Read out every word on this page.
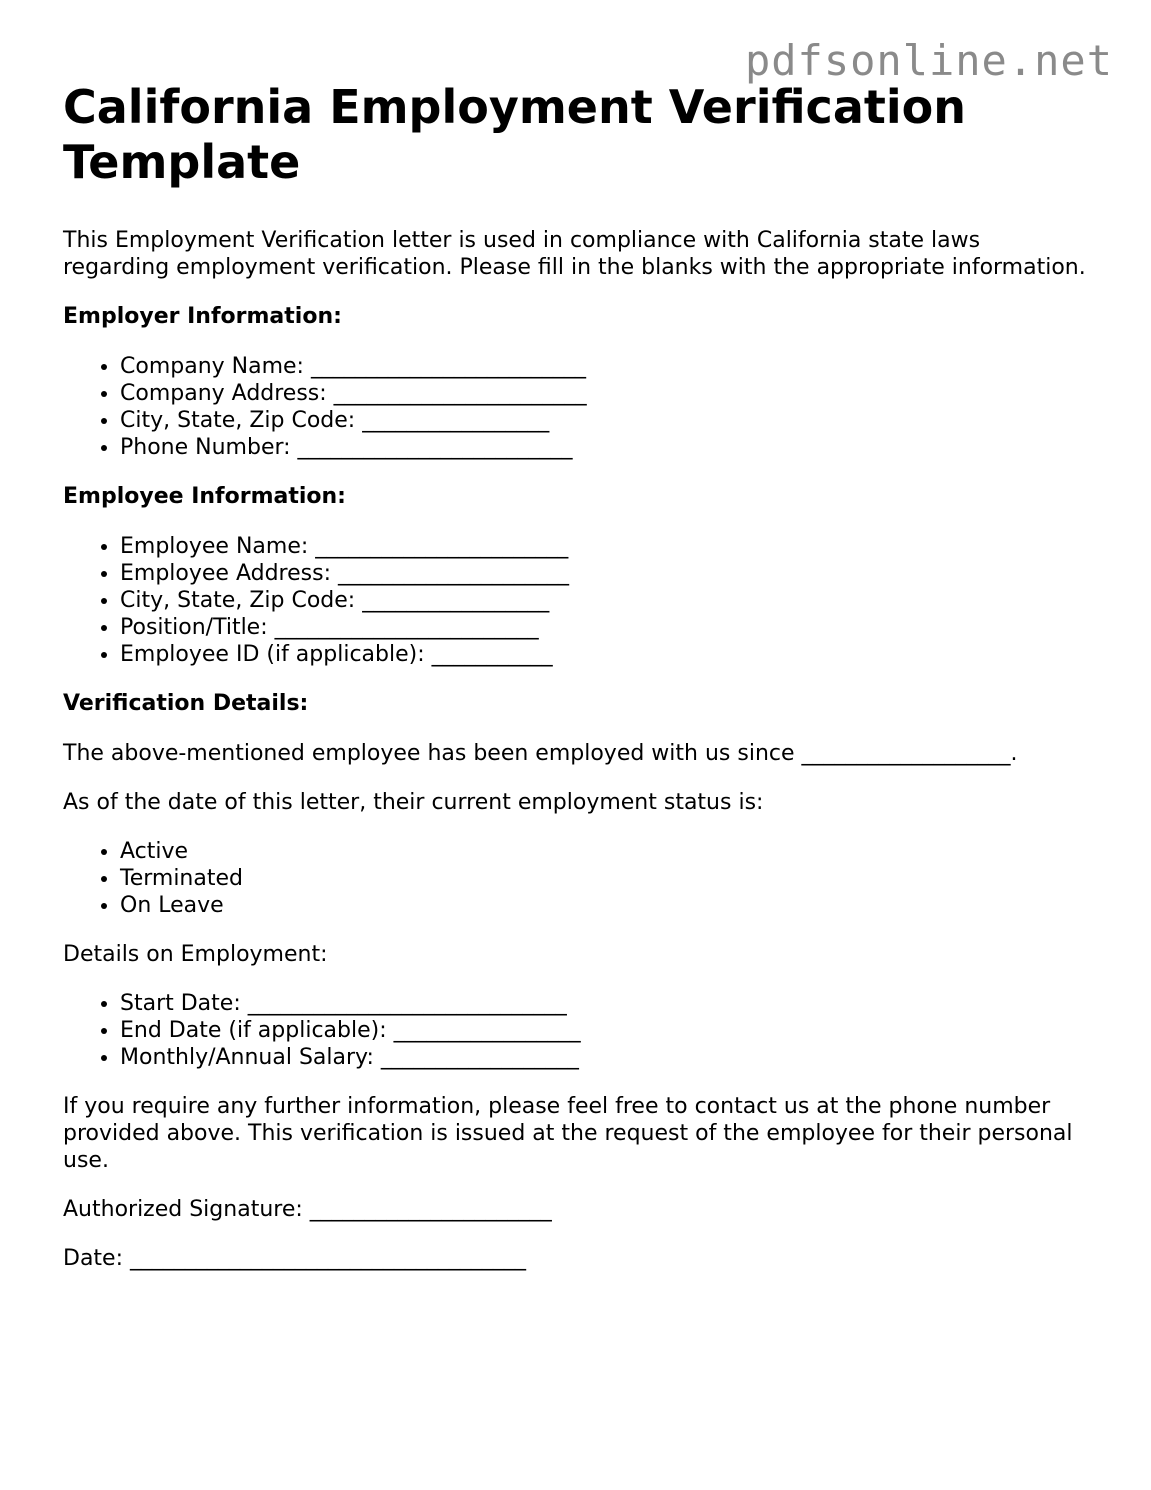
pdfsonline.net
California Employment Verification Template

This Employment Verification letter is used in compliance with California state laws regarding employment verification. Please fill in the blanks with the appropriate information.

Employer Information:
• Company Name: _________________________
• Company Address: _______________________
• City, State, Zip Code: _________________
• Phone Number: _________________________
Employee Information:
• Employee Name: _______________________
• Employee Address: _____________________
• City, State, Zip Code: _________________
• Position/Title: ________________________
• Employee ID (if applicable): ___________
Verification Details:

The above-mentioned employee has been employed with us since ___________________.

As of the date of this letter, their current employment status is:

• Active
• Terminated
• On Leave

Details on Employment:

• Start Date: _____________________________
• End Date (if applicable): _________________
• Monthly/Annual Salary: __________________

If you require any further information, please feel free to contact us at the phone number provided above. This verification is issued at the request of the employee for their personal use.

Authorized Signature: ______________________

Date: ____________________________________
